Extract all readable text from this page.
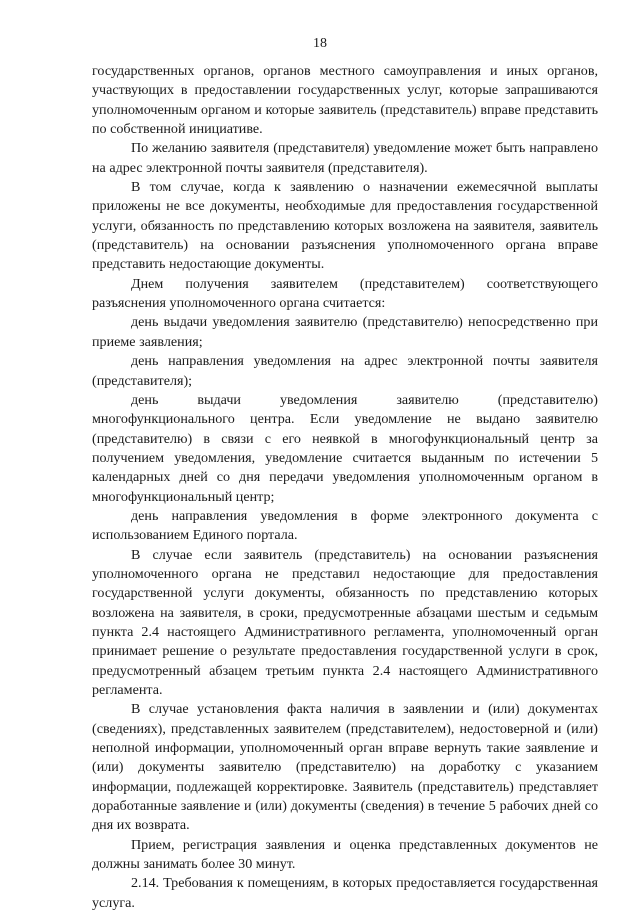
18

государственных органов, органов местного самоуправления и иных органов, участвующих в предоставлении государственных услуг, которые запрашиваются уполномоченным органом и которые заявитель (представитель) вправе представить по собственной инициативе.

По желанию заявителя (представителя) уведомление может быть направлено на адрес электронной почты заявителя (представителя).

В том случае, когда к заявлению о назначении ежемесячной выплаты приложены не все документы, необходимые для предоставления государственной услуги, обязанность по представлению которых возложена на заявителя, заявитель (представитель) на основании разъяснения уполномоченного органа вправе представить недостающие документы.

Днем получения заявителем (представителем) соответствующего разъяснения уполномоченного органа считается:

день выдачи уведомления заявителю (представителю) непосредственно при приеме заявления;

день направления уведомления на адрес электронной почты заявителя (представителя);

день выдачи уведомления заявителю (представителю) многофункционального центра. Если уведомление не выдано заявителю (представителю) в связи с его неявкой в многофункциональный центр за получением уведомления, уведомление считается выданным по истечении 5 календарных дней со дня передачи уведомления уполномоченным органом в многофункциональный центр;

день направления уведомления в форме электронного документа с использованием Единого портала.

В случае если заявитель (представитель) на основании разъяснения уполномоченного органа не представил недостающие для предоставления государственной услуги документы, обязанность по представлению которых возложена на заявителя, в сроки, предусмотренные абзацами шестым и седьмым пункта 2.4 настоящего Административного регламента, уполномоченный орган принимает решение о результате предоставления государственной услуги в срок, предусмотренный абзацем третьим пункта 2.4 настоящего Административного регламента.

В случае установления факта наличия в заявлении и (или) документах (сведениях), представленных заявителем (представителем), недостоверной и (или) неполной информации, уполномоченный орган вправе вернуть такие заявление и (или) документы заявителю (представителю) на доработку с указанием информации, подлежащей корректировке. Заявитель (представитель) представляет доработанные заявление и (или) документы (сведения) в течение 5 рабочих дней со дня их возврата.

Прием, регистрация заявления и оценка представленных документов не должны занимать более 30 минут.

2.14. Требования к помещениям, в которых предоставляется государственная услуга.
